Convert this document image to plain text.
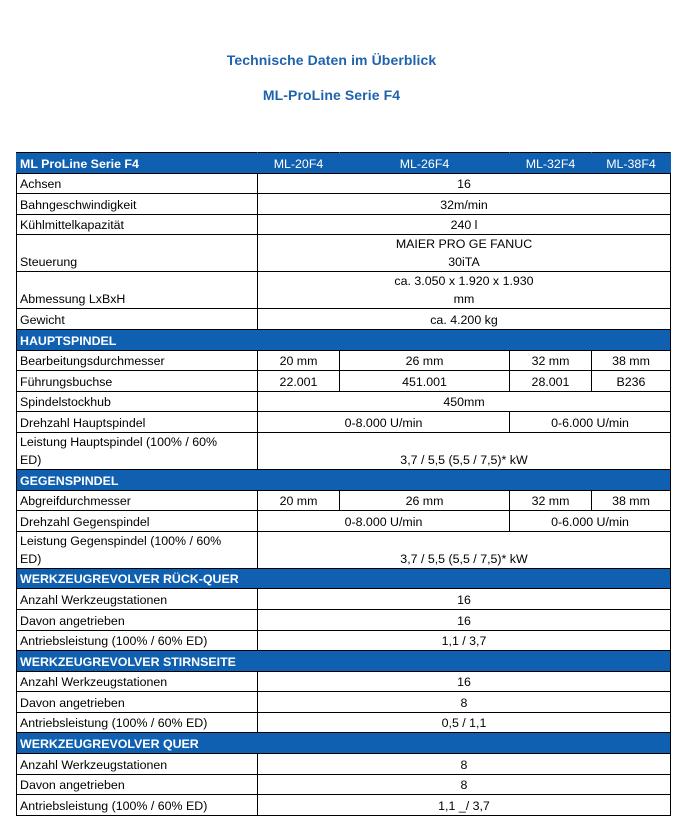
Technische Daten im Überblick
ML-ProLine Serie F4
ML ProLine Serie F4	ML-20F4	ML-26F4	ML-32F4	ML-38F4
Achsen	16			
Bahngeschwindigkeit	32m/min			
Kühlmittelkapazität	240 l			
Steuerung	MAIER PRO GE FANUC
30iTA			

Abmessung LxBxH	ca. 3.050 x 1.920 x 1.930
mm			

Gewicht	ca. 4.200 kg			
HAUPTSPINDEL				
Bearbeitungsdurchmesser	20 mm	26 mm	32 mm	38 mm
Führungsbuchse	22.001	451.001	28.001	B236
Spindelstockhub	450mm			
Drehzahl Hauptspindel	0-8.000 U/min		0-6.000 U/min	

Leistung Hauptspindel (100% / 60%
ED)	3,7 / 5,5 (5,5 / 7,5)* kW			
GEGENSPINDEL				
Abgreifdurchmesser	20 mm	26 mm	32 mm	38 mm
Drehzahl Gegenspindel	0-8.000 U/min		0-6.000 U/min	

Leistung Gegenspindel (100% / 60%
ED)	3,7 / 5,5 (5,5 / 7,5)* kW			
WERKZEUGREVOLVER RÜCK-QUER				
Anzahl Werkzeugstationen	16			
Davon angetrieben	16			
Antriebsleistung (100% / 60% ED)	1,1 / 3,7			
WERKZEUGREVOLVER STIRNSEITE				
Anzahl Werkzeugstationen	16			
Davon angetrieben	8			
Antriebsleistung (100% / 60% ED)	0,5 / 1,1			
WERKZEUGREVOLVER QUER				
Anzahl Werkzeugstationen	8			
Davon angetrieben	8			
Antriebsleistung (100% / 60% ED)	1,1 _/ 3,7			
